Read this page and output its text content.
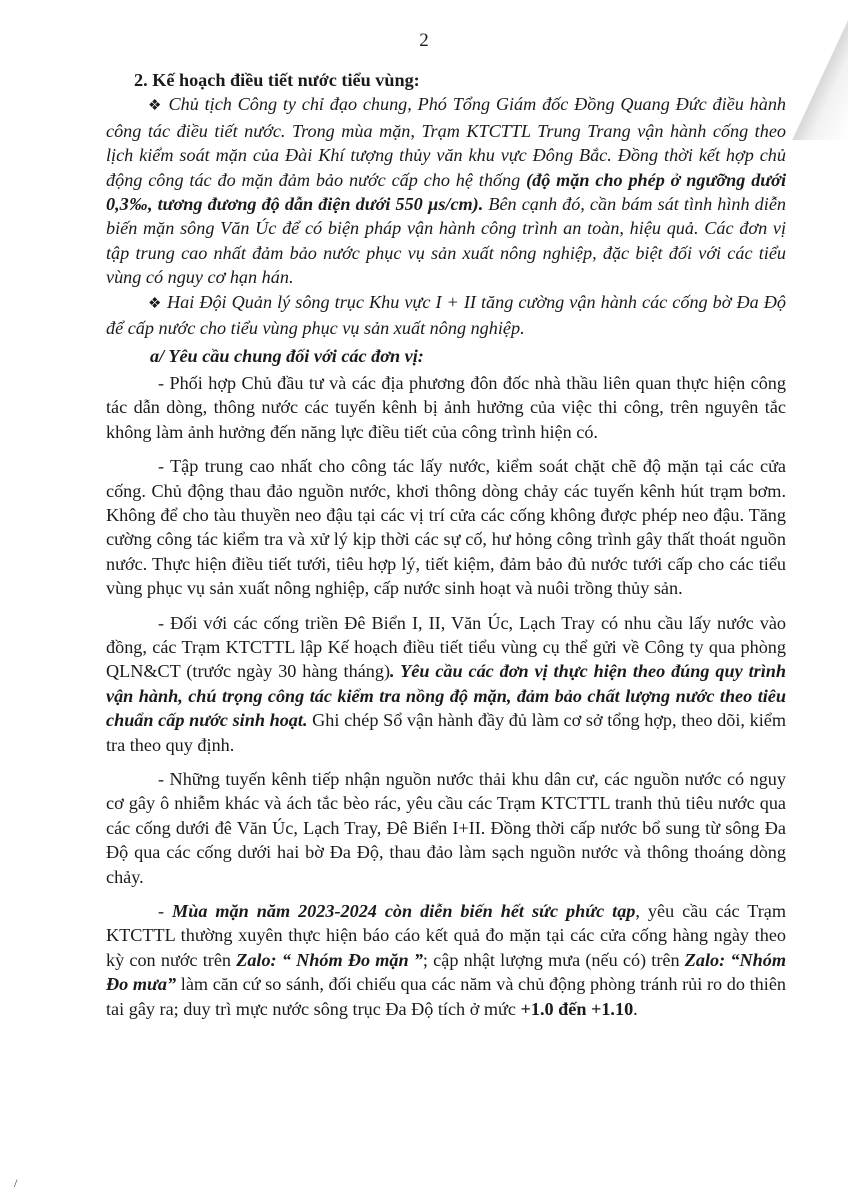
2

2. Kế hoạch điều tiết nước tiểu vùng:

❖ Chủ tịch Công ty chỉ đạo chung, Phó Tổng Giám đốc Đồng Quang Đức điều hành công tác điều tiết nước. Trong mùa mặn, Trạm KTCTTL Trung Trang vận hành cống theo lịch kiểm soát mặn của Đài Khí tượng thủy văn khu vực Đông Bắc. Đồng thời kết hợp chủ động công tác đo mặn đảm bảo nước cấp cho hệ thống (độ mặn cho phép ở ngưỡng dưới 0,3‰, tương đương độ dẫn điện dưới 550 µs/cm). Bên cạnh đó, cần bám sát tình hình diễn biến mặn sông Văn Úc để có biện pháp vận hành công trình an toàn, hiệu quả. Các đơn vị tập trung cao nhất đảm bảo nước phục vụ sản xuất nông nghiệp, đặc biệt đối với các tiểu vùng có nguy cơ hạn hán.

❖ Hai Đội Quản lý sông trục Khu vực I + II tăng cường vận hành các cống bờ Đa Độ để cấp nước cho tiểu vùng phục vụ sản xuất nông nghiệp.

a/ Yêu cầu chung đối với các đơn vị:

- Phối hợp Chủ đầu tư và các địa phương đôn đốc nhà thầu liên quan thực hiện công tác dẫn dòng, thông nước các tuyến kênh bị ảnh hưởng của việc thi công, trên nguyên tắc không làm ảnh hưởng đến năng lực điều tiết của công trình hiện có.

- Tập trung cao nhất cho công tác lấy nước, kiểm soát chặt chẽ độ mặn tại các cửa cống. Chủ động thau đảo nguồn nước, khơi thông dòng chảy các tuyến kênh hút trạm bơm. Không để cho tàu thuyền neo đậu tại các vị trí cửa các cống không được phép neo đậu. Tăng cường công tác kiểm tra và xử lý kịp thời các sự cố, hư hỏng công trình gây thất thoát nguồn nước. Thực hiện điều tiết tưới, tiêu hợp lý, tiết kiệm, đảm bảo đủ nước tưới cấp cho các tiểu vùng phục vụ sản xuất nông nghiệp, cấp nước sinh hoạt và nuôi trồng thủy sản.

- Đối với các cống triền Đê Biển I, II, Văn Úc, Lạch Tray có nhu cầu lấy nước vào đồng, các Trạm KTCTTL lập Kế hoạch điều tiết tiểu vùng cụ thể gửi về Công ty qua phòng QLN&CT (trước ngày 30 hàng tháng). Yêu cầu các đơn vị thực hiện theo đúng quy trình vận hành, chú trọng công tác kiểm tra nồng độ mặn, đảm bảo chất lượng nước theo tiêu chuẩn cấp nước sinh hoạt. Ghi chép Sổ vận hành đầy đủ làm cơ sở tổng hợp, theo dõi, kiểm tra theo quy định.

- Những tuyến kênh tiếp nhận nguồn nước thải khu dân cư, các nguồn nước có nguy cơ gây ô nhiễm khác và ách tắc bèo rác, yêu cầu các Trạm KTCTTL tranh thủ tiêu nước qua các cống dưới đê Văn Úc, Lạch Tray, Đê Biển I+II. Đồng thời cấp nước bổ sung từ sông Đa Độ qua các cống dưới hai bờ Đa Độ, thau đảo làm sạch nguồn nước và thông thoáng dòng chảy.

- Mùa mặn năm 2023-2024 còn diễn biến hết sức phức tạp, yêu cầu các Trạm KTCTTL thường xuyên thực hiện báo cáo kết quả đo mặn tại các cửa cống hàng ngày theo kỳ con nước trên Zalo: “ Nhóm Đo mặn ”; cập nhật lượng mưa (nếu có) trên Zalo: “Nhóm Đo mưa” làm căn cứ so sánh, đối chiếu qua các năm và chủ động phòng tránh rủi ro do thiên tai gây ra; duy trì mực nước sông trục Đa Độ tích ở mức +1.0 đến +1.10.

/
